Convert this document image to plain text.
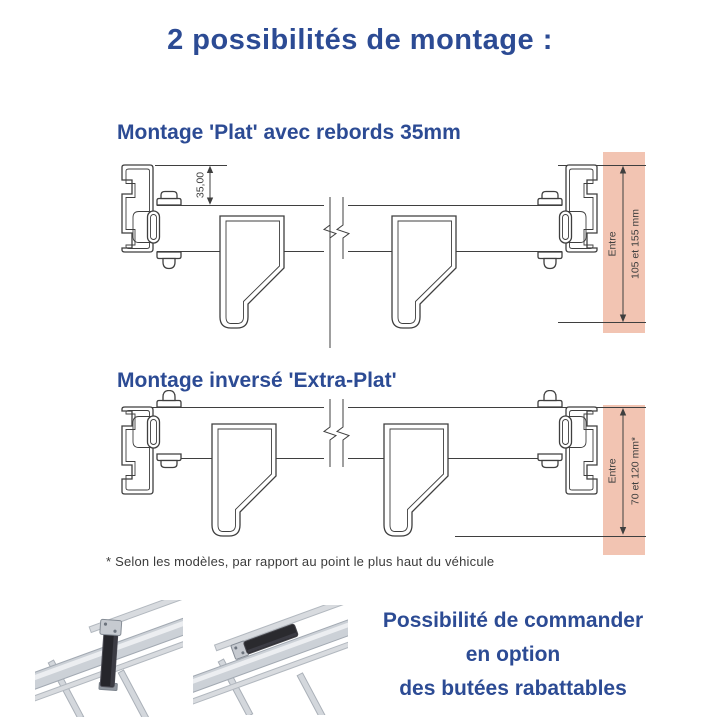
2 possibilités de montage :
Montage 'Plat' avec rebords 35mm
35,00
Entre 105 et 155 mm
Montage inversé 'Extra-Plat'
Entre 70 et 120 mm*
* Selon les modèles, par rapport au point le plus haut du véhicule
Possibilité de commander
en option
des butées rabattables
